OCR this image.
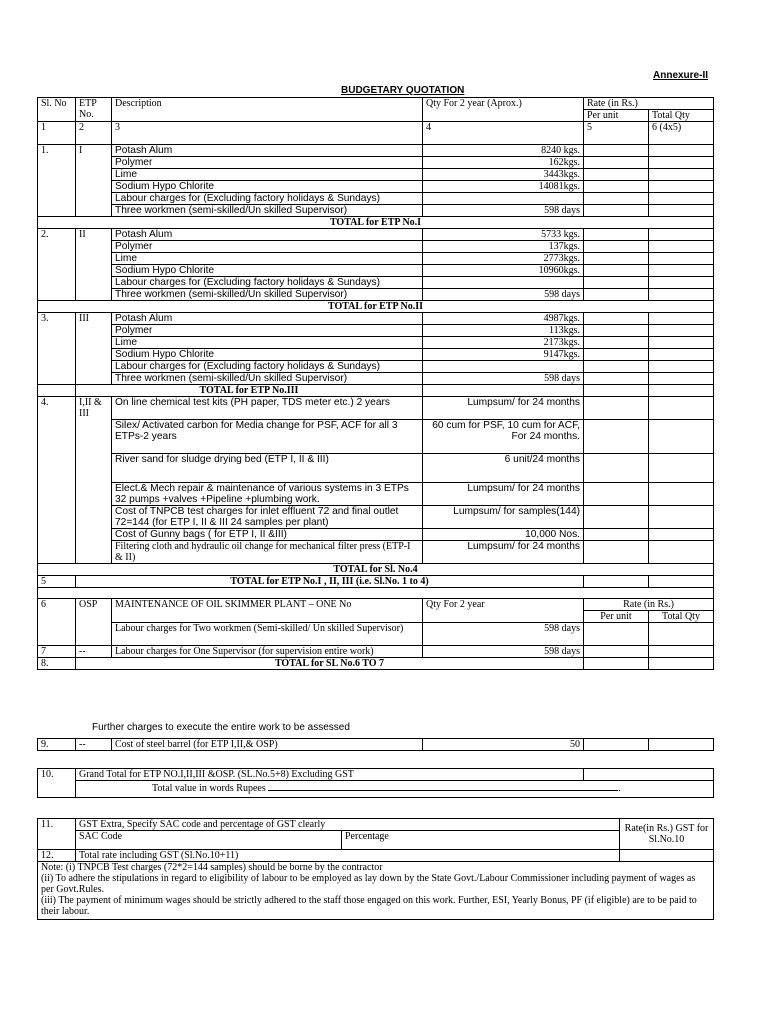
Annexure-II
BUDGETARY QUOTATION
Sl. No	ETP No.	Description	Qty For 2 year (Aprox.)	Rate (in Rs.)	
				Per unit	Total Qty
1	2	3	4	5	6 (4x5)
1.	I	Potash Alum	8240 kgs.		
		Polymer	162kgs.		
		Lime	3443kgs.		
		Sodium Hypo Chlorite	14081kgs.		
		Labour charges for (Excluding factory holidays & Sundays)			
		Three workmen (semi-skilled/Un skilled Supervisor)	598 days		
TOTAL for ETP No.I					
2.	II	Potash Alum	5733 kgs.		
		Polymer	137kgs.		
		Lime	2773kgs.		
		Sodium Hypo Chlorite	10960kgs.		
		Labour charges for (Excluding factory holidays & Sundays)			
		Three workmen (semi-skilled/Un skilled Supervisor)	598 days		
TOTAL for ETP No.II					
3.	III	Potash Alum	4987kgs.		
		Polymer	113kgs.		
		Lime	2173kgs.		
		Sodium Hypo Chlorite	9147kgs.		
		Labour charges for (Excluding factory holidays & Sundays)			
		Three workmen (semi-skilled/Un skilled Supervisor)	598 days		
	TOTAL for ETP No.III				
4.	I,II & III	On line chemical test kits (PH paper, TDS meter etc.) 2 years	Lumpsum/ for 24 months		
		Silex/ Activated carbon for Media change for PSF, ACF for all 3 ETPs-2 years	60 cum for PSF, 10 cum for ACF, For 24 months.		
		River sand for sludge drying bed (ETP I, II & III)	6 unit/24 months		
		Elect.& Mech repair & maintenance of various systems in 3 ETPs 32 pumps +valves +Pipeline +plumbing work.	Lumpsum/ for 24 months		
		Cost of TNPCB test charges for inlet effluent 72 and final outlet 72=144 (for ETP I, II & III 24 samples per plant)	Lumpsum/ for samples(144)		
		Cost of Gunny bags ( for ETP I, II &III)	10,000 Nos.		
		Filtering cloth and hydraulic oil change for mechanical filter press (ETP-I & II)	Lumpsum/ for 24 months		
TOTAL for Sl. No.4					
5	TOTAL for ETP No.I , II, III (i.e. Sl.No. 1 to 4)				

6	OSP	MAINTENANCE OF OIL SKIMMER PLANT – ONE No	Qty For 2 year	Rate (in Rs.)	
				Per unit	Total Qty
		Labour charges for Two workmen (Semi-skilled/ Un skilled Supervisor)	598 days		
7	--	Labour charges for One Supervisor (for supervision entire work)	598 days		
8.	TOTAL for SL No.6 TO 7				
Further charges to execute the entire work to be assessed
9.	--	Cost of steel barrel (for ETP I,II,& OSP)	50		
10.	Grand Total for ETP NO.I,II,III &OSP. (SL.No.5+8) Excluding GST	
Total value in words Rupees	.
11.	GST Extra, Specify SAC code and percentage of GST clearly		Rate(in Rs.) GST for Sl.No.10
	SAC Code	Percentage	
12.	Total rate including GST (Sl.No.10+11)		

Note: (i) TNPCB Test charges (72*2=144 samples) should be borne by the contractor
(ii) To adhere the stipulations in regard to eligibility of labour to be employed as lay down by the State Govt./Labour Commissioner including payment of wages as per Govt.Rules.
(iii) The payment of minimum wages should be strictly adhered to the staff those engaged on this work. Further, ESI, Yearly Bonus, PF (if eligible) are to be paid to their labour.			
